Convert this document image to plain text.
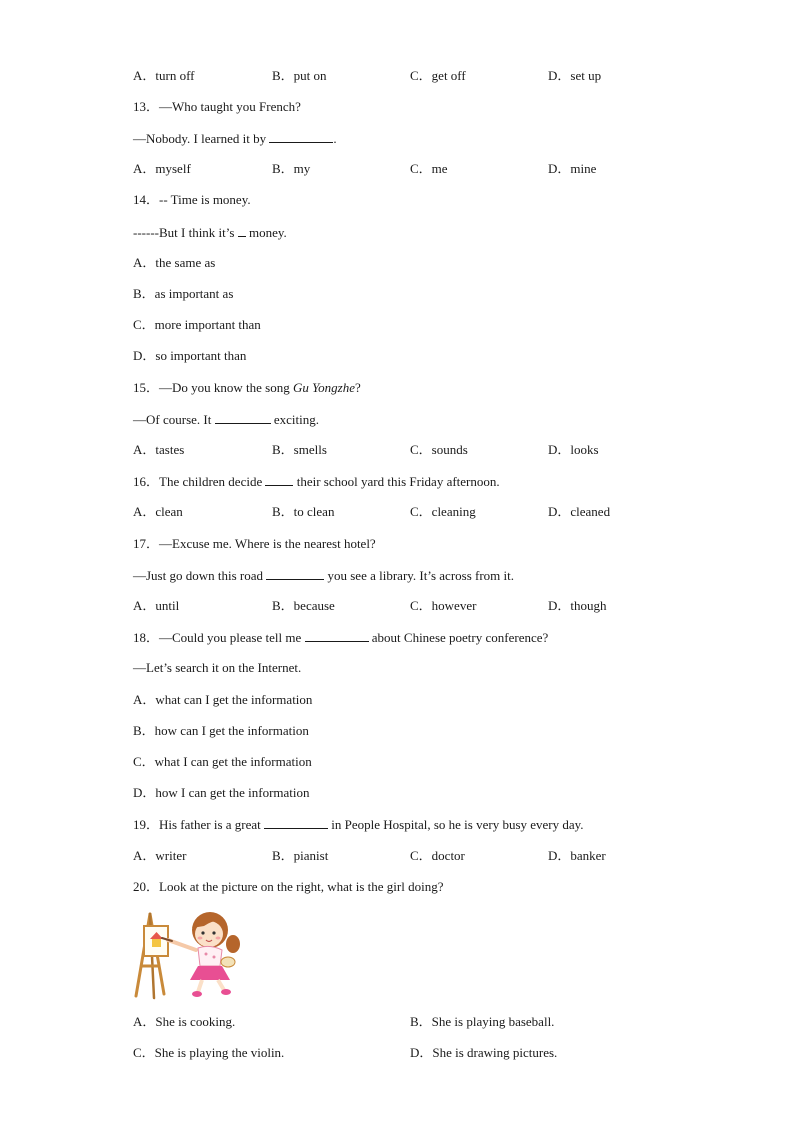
A．turn off	B．put on	C．get off	D．set up
13．—Who taught you French?
—Nobody. I learned it by	.
A．myself	B．my	C．me	D．mine
14．-- Time is money.
------But I think it’s  money.
A．the same as
B．as important as
C．more important than
D．so important than
15．—Do you know the song Gu Yongzhe?
—Of course. It	exciting.
A．tastes	B．smells	C．sounds	D．looks
16．The children decide  their school yard this Friday afternoon.
A．clean	B．to clean	C．cleaning	D．cleaned
17．—Excuse me. Where is the nearest hotel?
—Just go down this road	you see a library. It’s across from it.
A．until	B．because	C．however	D．though
18．—Could you please tell me	about Chinese poetry conference?
—Let’s search it on the Internet.
A．what can I get the information
B．how can I get the information
C．what I can get the information
D．how I can get the information
19．His father is a great	in People Hospital, so he is very busy every day.
A．writer	B．pianist	C．doctor	D．banker
20．Look at the picture on the right, what is the girl doing?
A．She is cooking.	B．She is playing baseball.
C．She is playing the violin.	D．She is drawing pictures.
